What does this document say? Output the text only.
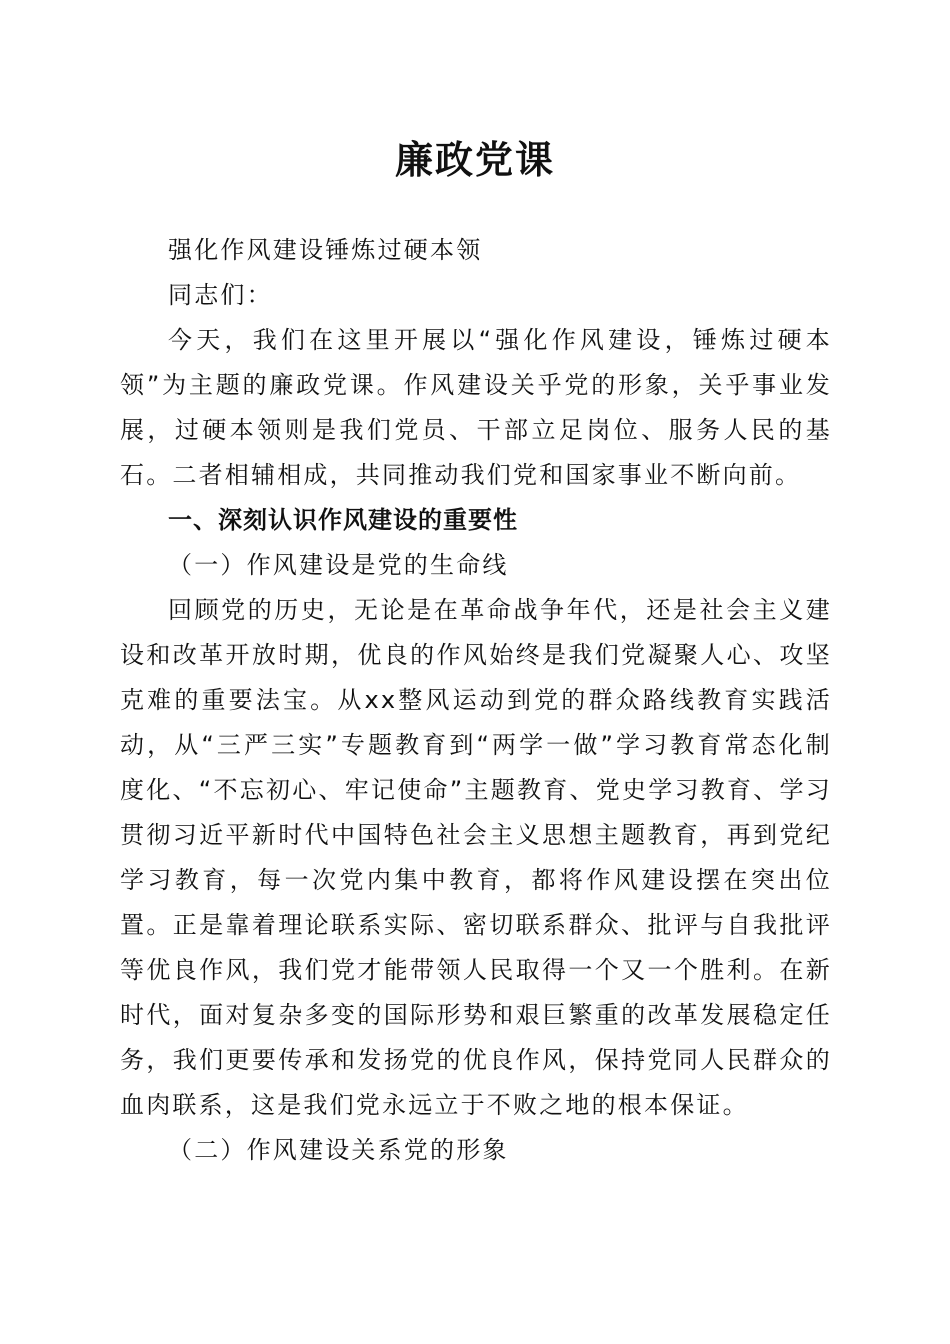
廉政党课

强化作风建设锤炼过硬本领

同志们：

今天，我们在这里开展以“强化作风建设，锤炼过硬本领”为主题的廉政党课。作风建设关乎党的形象，关乎事业发展，过硬本领则是我们党员、干部立足岗位、服务人民的基石。二者相辅相成，共同推动我们党和国家事业不断向前。

一、深刻认识作风建设的重要性

（一）作风建设是党的生命线

回顾党的历史，无论是在革命战争年代，还是社会主义建设和改革开放时期，优良的作风始终是我们党凝聚人心、攻坚克难的重要法宝。从xx整风运动到党的群众路线教育实践活动，从“三严三实”专题教育到“两学一做”学习教育常态化制度化、“不忘初心、牢记使命”主题教育、党史学习教育、学习贯彻习近平新时代中国特色社会主义思想主题教育，再到党纪学习教育，每一次党内集中教育，都将作风建设摆在突出位置。正是靠着理论联系实际、密切联系群众、批评与自我批评等优良作风，我们党才能带领人民取得一个又一个胜利。在新时代，面对复杂多变的国际形势和艰巨繁重的改革发展稳定任务，我们更要传承和发扬党的优良作风，保持党同人民群众的血肉联系，这是我们党永远立于不败之地的根本保证。

（二）作风建设关系党的形象
